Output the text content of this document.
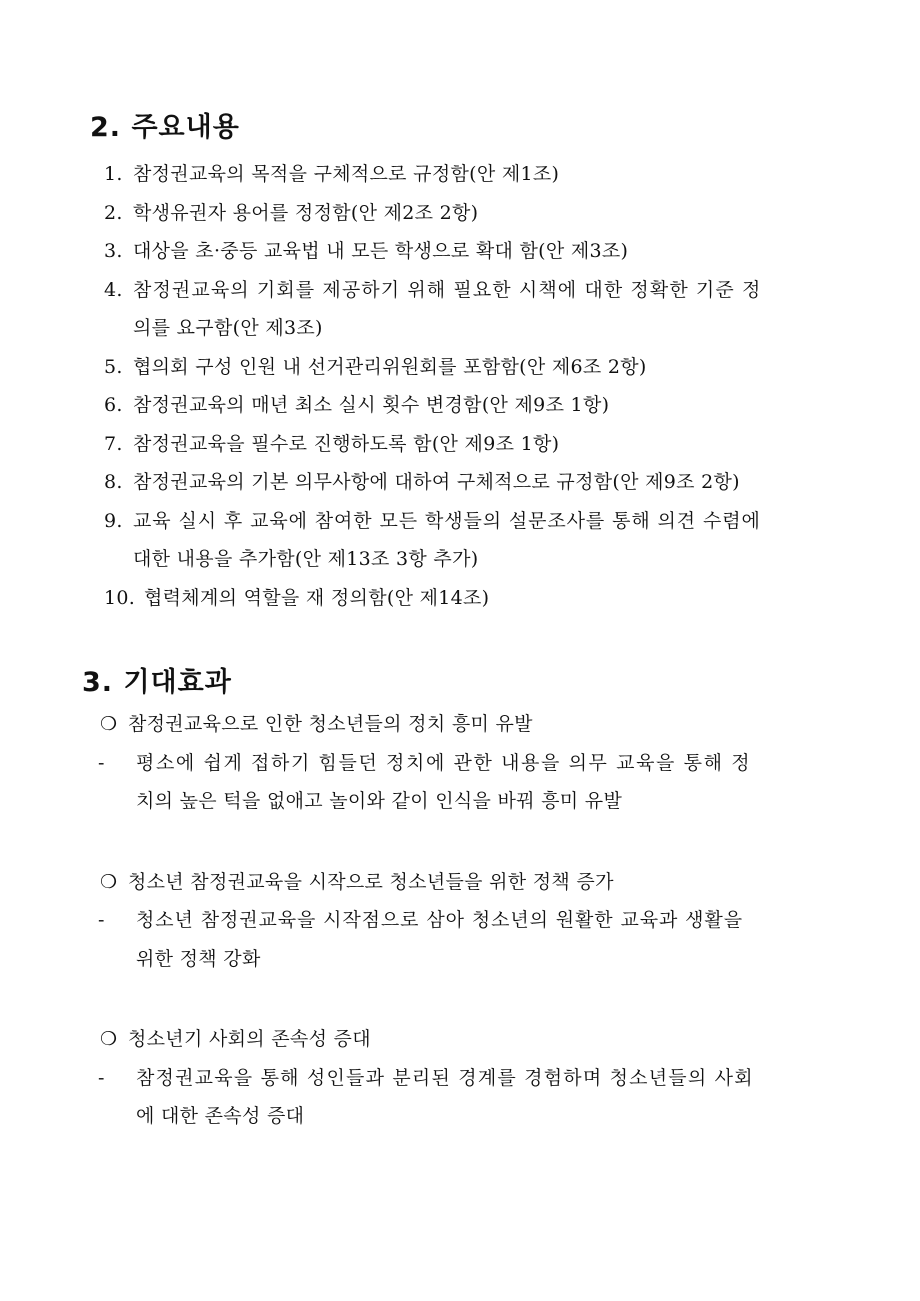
2. 주요내용
1. 참정권교육의 목적을 구체적으로 규정함(안 제1조)
2. 학생유권자 용어를 정정함(안 제2조 2항)
3. 대상을 초·중등 교육법 내 모든 학생으로 확대 함(안 제3조)
4. 참정권교육의 기회를 제공하기 위해 필요한 시책에 대한 정확한 기준 정
의를 요구함(안 제3조)
5. 협의회 구성 인원 내 선거관리위원회를 포함함(안 제6조 2항)
6. 참정권교육의 매년 최소 실시 횟수 변경함(안 제9조 1항)
7. 참정권교육을 필수로 진행하도록 함(안 제9조 1항)
8. 참정권교육의 기본 의무사항에 대하여 구체적으로 규정함(안 제9조 2항)
9. 교육 실시 후 교육에 참여한 모든 학생들의 설문조사를 통해 의견 수렴에
대한 내용을 추가함(안 제13조 3항 추가)
10. 협력체계의 역할을 재 정의함(안 제14조)
3. 기대효과
❍ 참정권교육으로 인한 청소년들의 정치 흥미 유발
- 평소에 쉽게 접하기 힘들던 정치에 관한 내용을 의무 교육을 통해 정
치의 높은 턱을 없애고 놀이와 같이 인식을 바꿔 흥미 유발
❍ 청소년 참정권교육을 시작으로 청소년들을 위한 정책 증가
- 청소년 참정권교육을 시작점으로 삼아 청소년의 원활한 교육과 생활을
위한 정책 강화
❍ 청소년기 사회의 존속성 증대
- 참정권교육을 통해 성인들과 분리된 경계를 경험하며 청소년들의 사회
에 대한 존속성 증대
